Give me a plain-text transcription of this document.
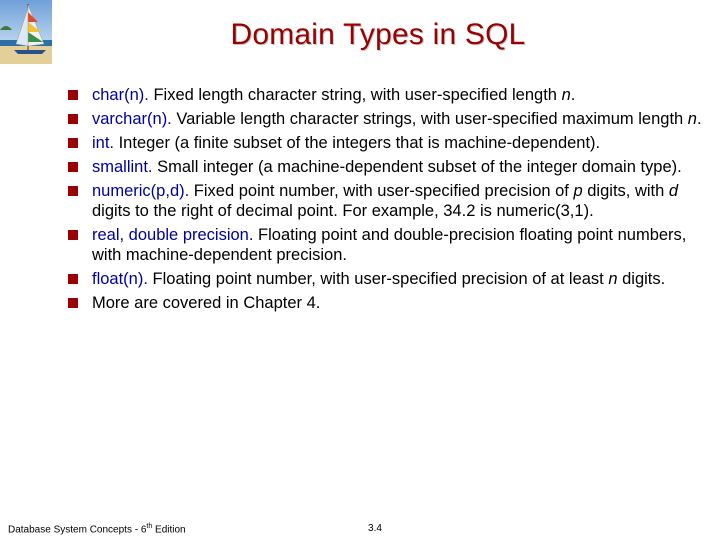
Domain Types in SQL
char(n). Fixed length character string, with user-specified length n.
varchar(n). Variable length character strings, with user-specified maximum length n.
int. Integer (a finite subset of the integers that is machine-dependent).
smallint. Small integer (a machine-dependent subset of the integer domain type).
numeric(p,d). Fixed point number, with user-specified precision of p digits, with d digits to the right of decimal point. For example, 34.2 is numeric(3,1).
real, double precision. Floating point and double-precision floating point numbers, with machine-dependent precision.
float(n). Floating point number, with user-specified precision of at least n digits.
More are covered in Chapter 4.
Database System Concepts - 6th Edition	3.4
